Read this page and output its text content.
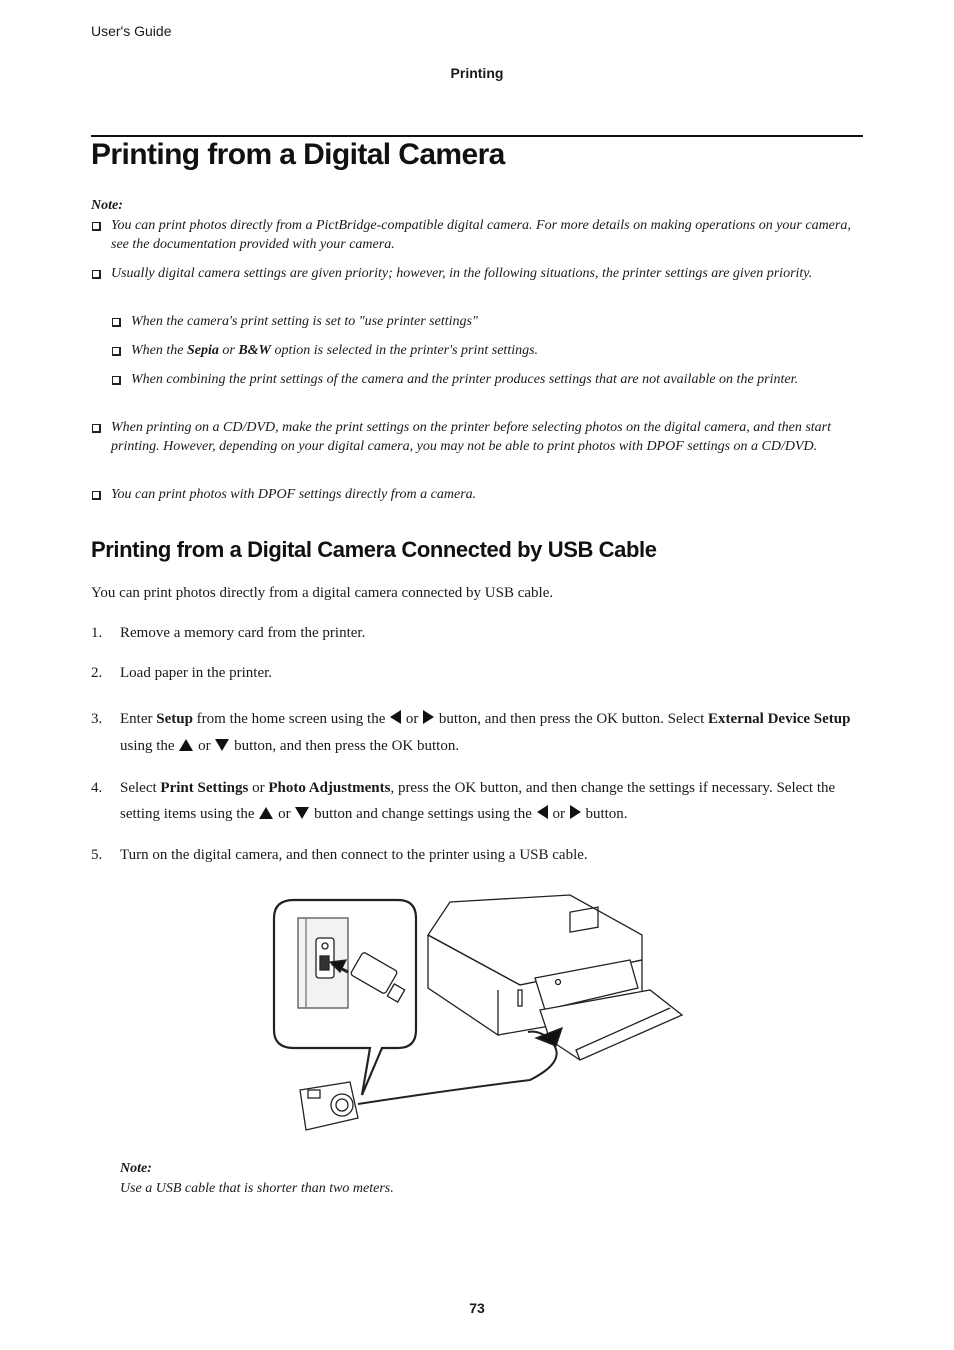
User's Guide
Printing
Printing from a Digital Camera
Note:
You can print photos directly from a PictBridge-compatible digital camera. For more details on making operations on your camera, see the documentation provided with your camera.
Usually digital camera settings are given priority; however, in the following situations, the printer settings are given priority.
When the camera's print setting is set to "use printer settings"
When the Sepia or B&W option is selected in the printer's print settings.
When combining the print settings of the camera and the printer produces settings that are not available on the printer.
When printing on a CD/DVD, make the print settings on the printer before selecting photos on the digital camera, and then start printing. However, depending on your digital camera, you may not be able to print photos with DPOF settings on a CD/DVD.
You can print photos with DPOF settings directly from a camera.
Printing from a Digital Camera Connected by USB Cable
You can print photos directly from a digital camera connected by USB cable.
1. Remove a memory card from the printer.
2. Load paper in the printer.
3. Enter Setup from the home screen using the  or  button, and then press the OK button. Select External Device Setup using the  or  button, and then press the OK button.
4. Select Print Settings or Photo Adjustments, press the OK button, and then change the settings if necessary. Select the setting items using the  or  button and change settings using the  or  button.
5. Turn on the digital camera, and then connect to the printer using a USB cable.
Note:
Use a USB cable that is shorter than two meters.
73
